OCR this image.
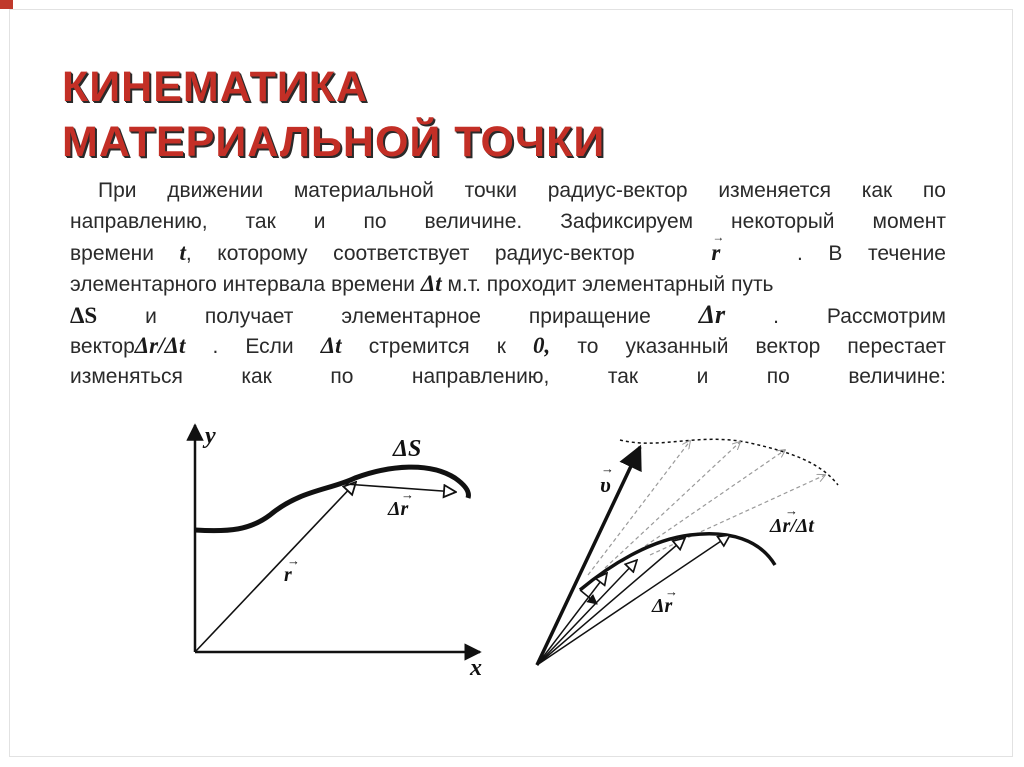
КИНЕМАТИКА
МАТЕРИАЛЬНОЙ ТОЧКИ
При движении материальной точки радиус-вектор изменяется как по
направлению, так и по величине. Зафиксируем некоторый момент
времени t, которому соответствует радиус-вектор	r →	. В течение
элементарного интервала времени Δt м.т. проходит элементарный путь
ΔS и получает элементарное приращение Δr . Рассмотрим
векторΔr/Δt . Если Δt стремится к 0, то указанный вектор перестает
изменяться как по направлению, так и по величине:
y
x
ΔS
r
→
Δr
→	υ
→
Δr/Δt
→
Δr
→
